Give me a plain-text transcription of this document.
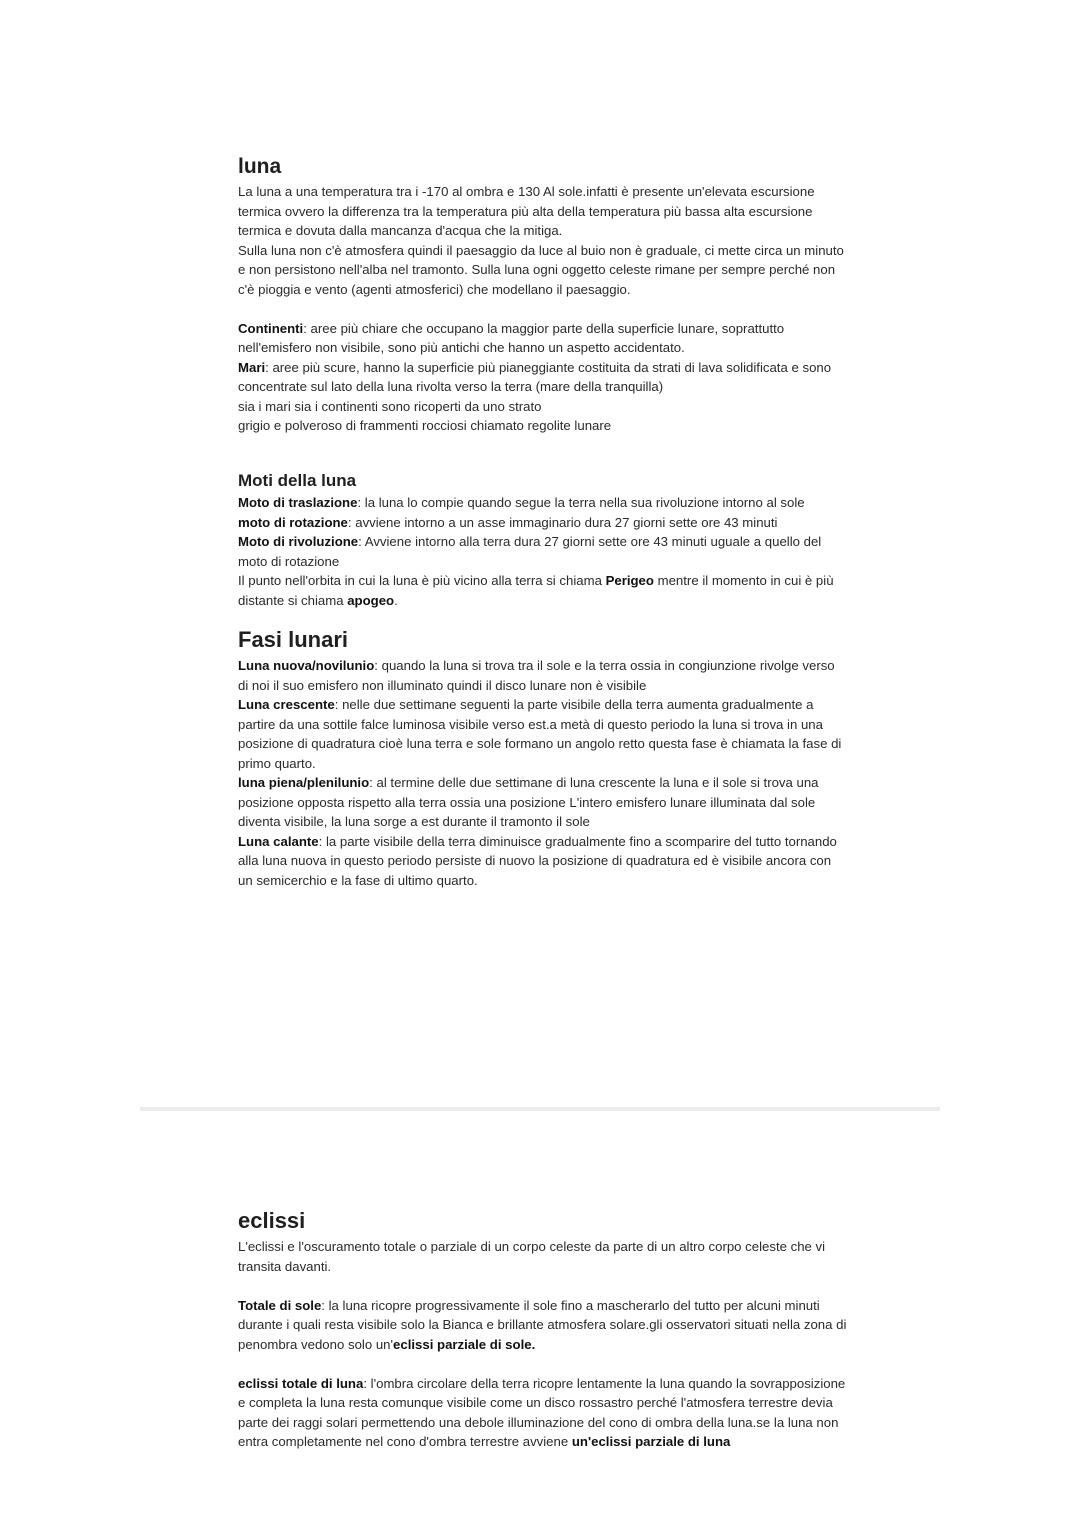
luna

La luna a una temperatura tra i -170 al ombra e 130 Al sole.infatti è presente un'elevata escursione termica ovvero la differenza tra la temperatura più alta della temperatura più bassa alta escursione termica e dovuta dalla mancanza d'acqua che la mitiga.

Sulla luna non c'è atmosfera quindi il paesaggio da luce al buio non è graduale, ci mette circa un minuto e non persistono nell'alba nel tramonto. Sulla luna ogni oggetto celeste rimane per sempre perché non c'è pioggia e vento (agenti atmosferici) che modellano il paesaggio.

Continenti: aree più chiare che occupano la maggior parte della superficie lunare, soprattutto nell'emisfero non visibile, sono più antichi che hanno un aspetto accidentato.

Mari: aree più scure, hanno la superficie più pianeggiante costituita da strati di lava solidificata e sono concentrate sul lato della luna rivolta verso la terra (mare della tranquilla)

sia i mari sia i continenti sono ricoperti da uno strato

grigio e polveroso di frammenti rocciosi chiamato regolite lunare

Moti della luna

Moto di traslazione: la luna lo compie quando segue la terra nella sua rivoluzione intorno al sole

moto di rotazione: avviene intorno a un asse immaginario dura 27 giorni sette ore 43 minuti

Moto di rivoluzione: Avviene intorno alla terra dura 27 giorni sette ore 43 minuti uguale a quello del moto di rotazione

Il punto nell'orbita in cui la luna è più vicino alla terra si chiama Perigeo mentre il momento in cui è più distante si chiama apogeo.

Fasi lunari

Luna nuova/novilunio: quando la luna si trova tra il sole e la terra ossia in congiunzione rivolge verso di noi il suo emisfero non illuminato quindi il disco lunare non è visibile

Luna crescente: nelle due settimane seguenti la parte visibile della terra aumenta gradualmente a partire da una sottile falce luminosa visibile verso est.a metà di questo periodo la luna si trova in una posizione di quadratura cioè luna terra e sole formano un angolo retto questa fase è chiamata la fase di primo quarto.

luna piena/plenilunio: al termine delle due settimane di luna crescente la luna e il sole si trova una posizione opposta rispetto alla terra ossia una posizione L'intero emisfero lunare illuminata dal sole diventa visibile, la luna sorge a est durante il tramonto il sole

Luna calante: la parte visibile della terra diminuisce gradualmente fino a scomparire del tutto tornando alla luna nuova in questo periodo persiste di nuovo la posizione di quadratura ed è visibile ancora con un semicerchio e la fase di ultimo quarto.

eclissi

L'eclissi e l'oscuramento totale o parziale di un corpo celeste da parte di un altro corpo celeste che vi transita davanti.

Totale di sole: la luna ricopre progressivamente il sole fino a mascherarlo del tutto per alcuni minuti durante i quali resta visibile solo la Bianca e brillante atmosfera solare.gli osservatori situati nella zona di penombra vedono solo un'eclissi parziale di sole.

eclissi totale di luna: l'ombra circolare della terra ricopre lentamente la luna quando la sovrapposizione e completa la luna resta comunque visibile come un disco rossastro perché l'atmosfera terrestre devia parte dei raggi solari permettendo una debole illuminazione del cono di ombra della luna.se la luna non entra completamente nel cono d'ombra terrestre avviene un'eclissi parziale di luna
